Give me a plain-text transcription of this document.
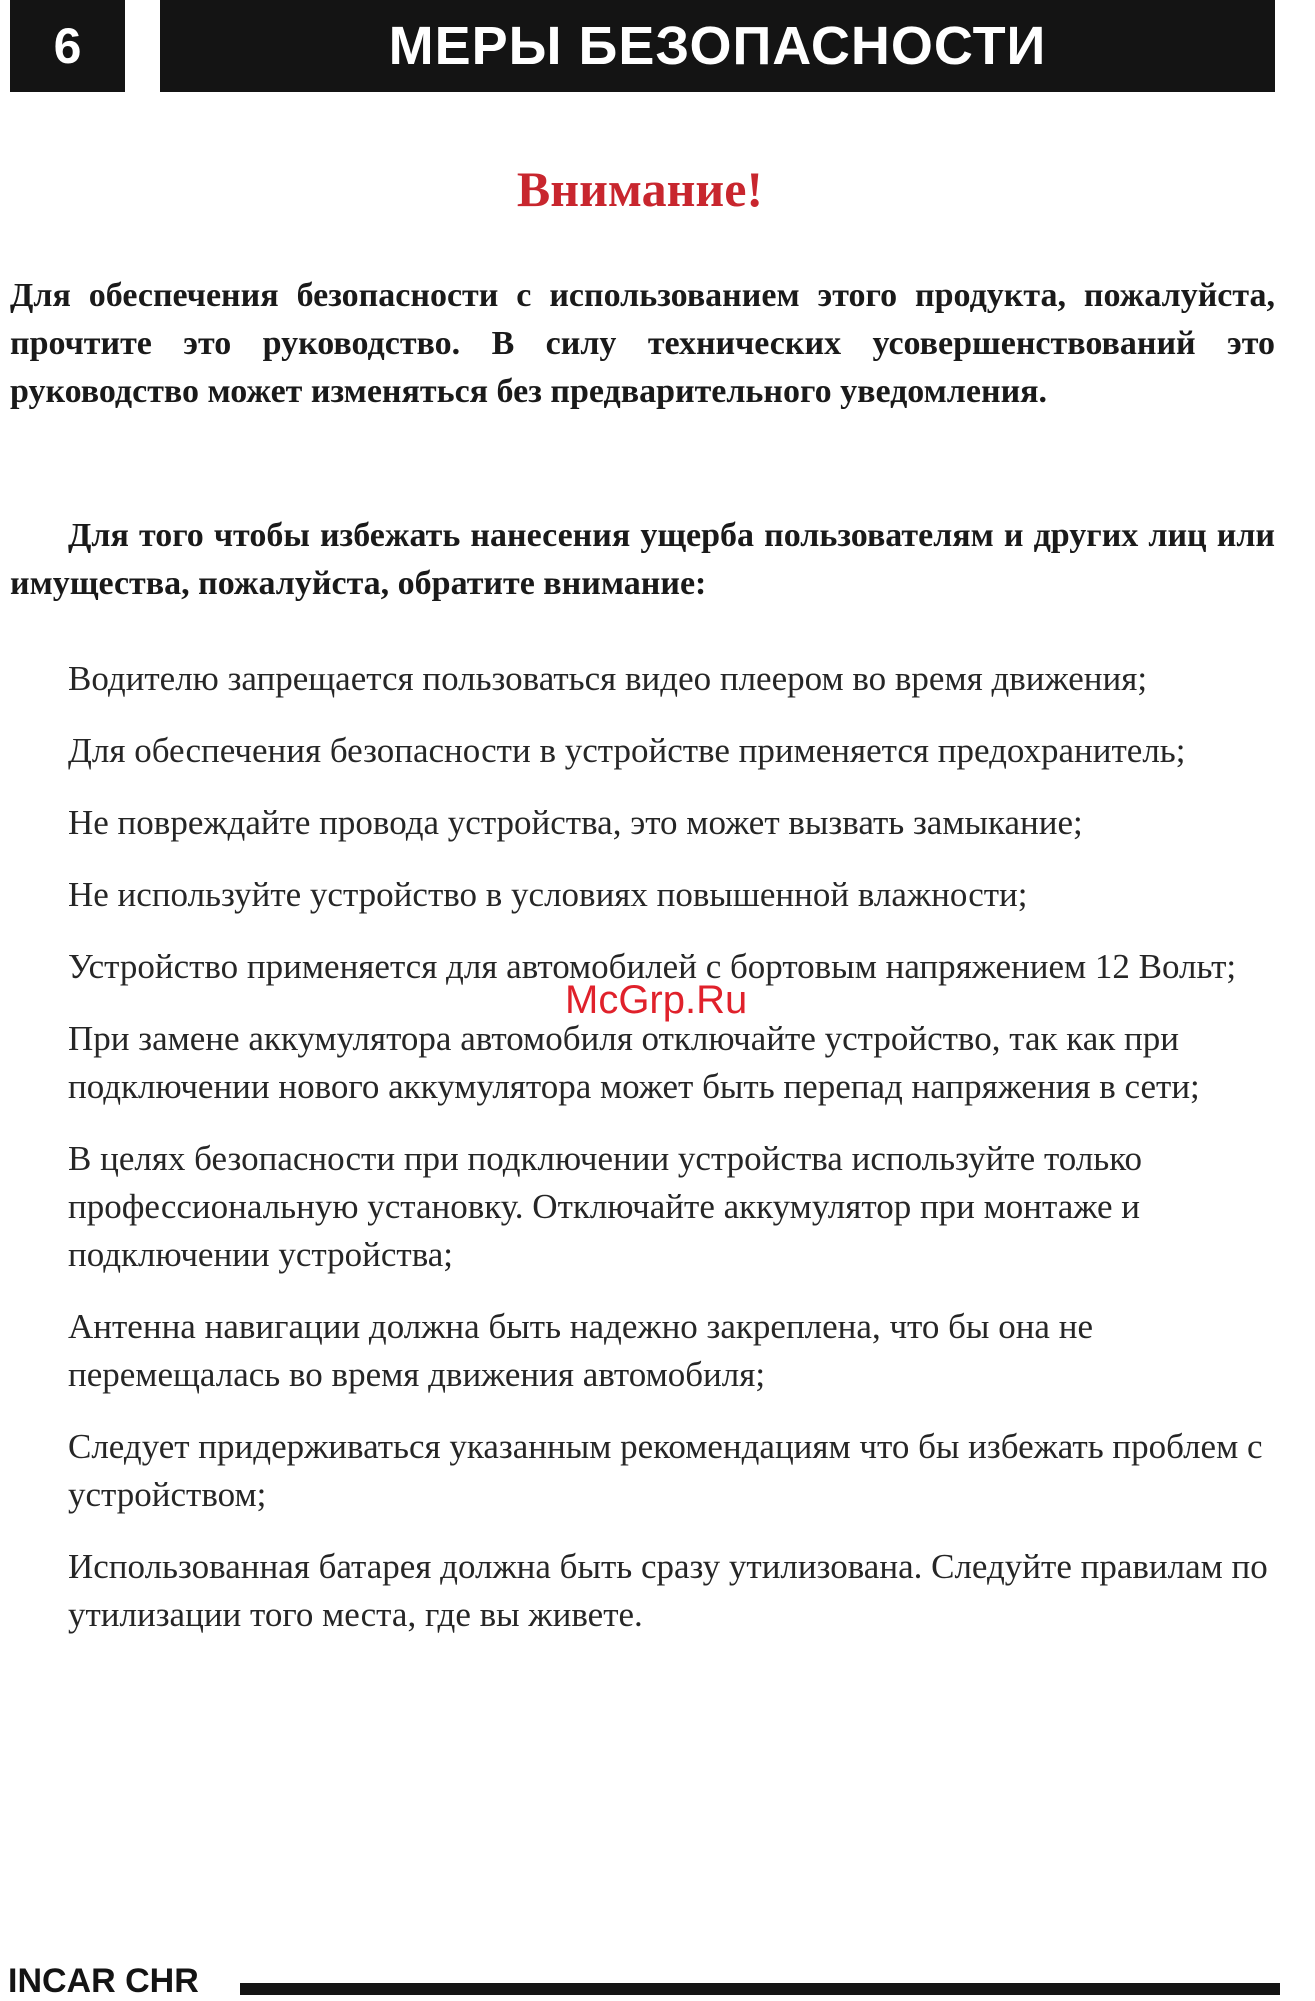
6	МЕРЫ БЕЗОПАСНОСТИ
Внимание!

Для обеспечения безопасности с использованием этого продукта, пожалуйста, прочтите это руководство. В силу технических усовершенствований это руководство может изменяться без предварительного уведомления.

Для того чтобы избежать нанесения ущерба пользователям и других лиц или имущества, пожалуйста, обратите внимание:

Водителю запрещается пользоваться видео плеером во время движения;
Для обеспечения безопасности в устройстве применяется предохранитель;
Не повреждайте провода устройства, это может вызвать замыкание;
Не используйте устройство в условиях повышенной влажности;
Устройство применяется для автомобилей с бортовым напряжением 12 Вольт;
При замене аккумулятора автомобиля отключайте устройство, так как при подключении нового аккумулятора может быть перепад напряжения в сети;
В целях безопасности при подключении устройства используйте только профессиональную установку. Отключайте аккумулятор при монтаже и подключении устройства;
Антенна навигации должна быть надежно закреплена, что бы она не перемещалась во время движения автомобиля;
Следует придерживаться указанным рекомендациям что бы избежать проблем с устройством;
Использованная батарея должна быть сразу утилизована. Следуйте правилам по утилизации того места, где вы живете.
McGrp.Ru
INCAR CHR
